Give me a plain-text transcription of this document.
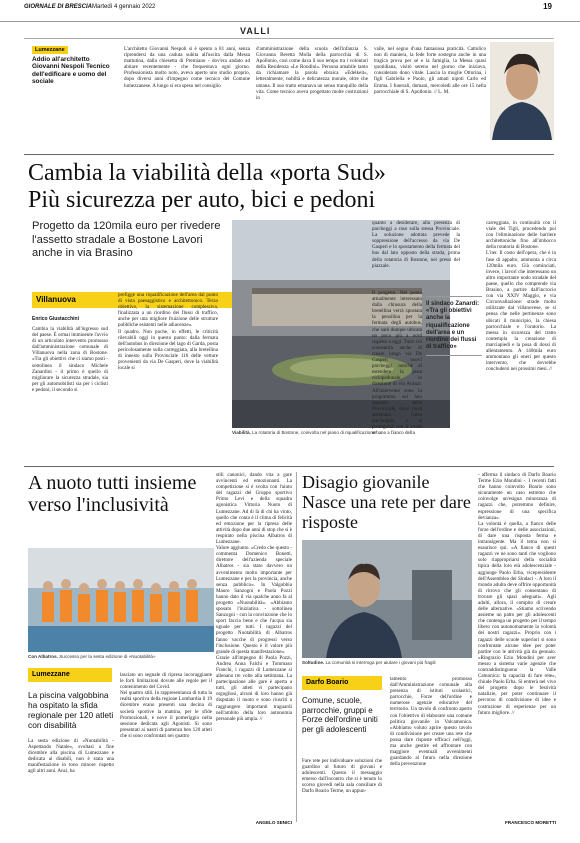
GIORNALE DI BRESCIA Martedì 4 gennaio 2022	19
VALLI
Lumezzane
Addio all'architetto Giovanni Nespoli Tecnico dell'edificare e uomo del sociale
L'architetto Giovanni Nespoli si è spento a 81 anni, senza riprendersi da una caduta subita all'uscita dalla Messa mattutina, dalla chiesetta di Premiano - dov'era andato ad abitare recentemente - che frequentava ogni giorno. Professionista molto noto, aveva aperto uno studio proprio, dopo diversi anni d'impegno come tecnico del Comune lumezzanese. A lungo si era speso nel consiglio
d'amministrazione della scuola dell'infanzia S. Giovanna Beretta Molla della parrocchia di S. Apollonio, così come dava il suo tempo tra i volontari della Residenza «Le Rondini». Persona amabile tanto da richiamare la parola ebraica «Edelkeit», letteralmente, nobiltà e delicatezza morale, oltre che umana. Il suo tratto emanava un senso tranquillo della vita. Come tecnico aveva progettato molte costruzioni in
valle, nel segno d'una fantasiosa praticità. Cattolico non di maniera, la fede forte sostegno anche in una tragica prova per sé e la famiglia, la Messa quasi quotidiana, visitò sereno nel giorno che iniziava, considerato dono vitale. Lascia la moglie Ottorina, i figli Gabriella e Paolo, gli amati nipoti Carlo ed Emma. I funerali, domani, mercoledì alle ore 15 nella parrocchiale di S. Apollonio. // L. M.
Cambia la viabilità della «porta Sud»
Più sicurezza per auto, bici e pedoni
Progetto da 120mila euro per rivedere l'assetto stradale a Bostone Lavori anche in via Brasino
Villanuova
Enrico Giustacchini
Cambia la viabilità all'ingresso sud del paese. È ormai imminente l'avvio di un articolato intervento promosso dall'amministrazione comunale di Villanuova nella zona di Bostone. «Tra gli obiettivi che ci siamo posti - sottolinea il sindaco Michele Zanardini - il primo è quello di migliorare la sicurezza stradale, sia per gli automobilisti sia per i ciclisti e pedoni; il secondo si
prefigge una riqualificazione dell'area dal punto di vista paesaggistico e architettonico. Terzo obiettivo, la sistemazione complessiva, finalizzata a un riordino dei flussi di traffico, anche per una migliore fruizione delle strutture pubbliche esistenti nelle adiacenze».
Il quadro. Non poche, in effetti, le criticità rilevabili oggi in questo punto: dalla fermata dell'autobus in direzione del lago di Garda, posta pericolosamente sulla carreggiata, alla bretellina di innesto sulla Provinciale 116 delle vetture provenienti da via De Gasperi, dove la viabilità locale si
Viabilità. La rotatoria di Bostone, coinvolta nel piano di riqualificazione
quanto a desiderare, alla presenza di parcheggi a raso sulla stessa Provinciale. La soluzione adottata prevede la soppressione dell'accesso da via De Gasperi e lo spostamento della fermata del bus dal lato opposto della strada, prima della rotatoria di Bostone, nei pressi del piazzale.
Il progetto. Nel punto attualmente interessato dalla chiusura della bretellina verrà spostata la pensilina per la fermata degli autobus, che sarà dunque ubicata un poco più a nord rispetto a oggi. Tutto ciò consentirà anche di creare lungo via De Gasperi nuovi parcheggi, nonché di estendere la pista ciclopedonale in direzione di via Avanzi. All'intervento sono in programma sul lato opposto della Provinciale, dove verrà sistemata l'area parcheggio e si proseguirà con il verde urbano a fianco della
Il sindaco Zanardi:
«Tra gli obiettivi anche la riqualificazione dell'area e un riordino dei flussi di traffico»
carreggiata, in continuità con il viale dei Tigli, procedendo poi con l'eliminazione delle barriere architettoniche fino all'imbocco della rotatoria di Bostone.
L'iter. Il costo dell'opera, che è in fase di appalto, ammonta a circa 120mila euro. Già cominciati, invece, i lavori che interessano un altro importante nodo stradale del paese, quello che comprende via Brasino, a partire dall'incrocio con via XXIV Maggio, e via Circonvallazione: strade molto utilizzate dal villanovese, se si pensa che nelle pertinenze sono ubicati il municipio, la chiesa parrocchiale e l'oratorio. La messa in sicurezza del tratto contempla la creazione di marciapiedi e la posa di dossi di allentamento. A 140mila euro ammontano gli oneri per questo intervento, che dovrebbe concludersi nei prossimi mesi. //
A nuoto tutti insieme verso l'inclusività
Con Albatros. Successo per la sesta edizione di «Nuotabilità»
Lumezzane
La piscina valgobbina ha ospitato la sfida regionale per 120 atleti con disabilità
La sesta edizione di «Nuotabilità - Aspettando Natale», svoltasi a fine dicembre alla piscina di Lumezzane e dedicata ai disabili, non è stata una manifestazione in tono minore rispetto agli altri anni. Anzi, ha
lasciato un segnale di ripresa incoraggiante le forti limitazioni dovute alle regole per il contenimento del Covid.
Nei quattro stili. In rappresentanza di tutta la realtà sportiva della regione Lombardia il 19 dicembre erano presenti una decina di società sportive la mattina, per le sfide Promozionali, e nove il pomeriggio nella sessione dedicata agli Agonisti. Si sono presentati ai nastri di partenza ben 120 atleti che si sono confrontati nei quattro
stili canonici, dando vita a gare avvincenti ed emozionanti. La competizione si è svolta con l'aiuto dei ragazzi del Gruppo sportivo Primo Levi e della squadra agonistica Vittoria Nuoto di Lumezzane. Ad di là di chi ha vinto, quello che conta è il clima di felicità ed emozione per la ripresa delle attività dopo due anni di stop che si è respirato nella piscina Albatros di Lumezzane.
Valore aggiunto. «Credo che questo - commenta Domenico Bonetti, direttore dell'azienda speciale Albatros - sia stato davvero un avvenimento molto importante per Lumezzane e per la provincia, anche senza pubblico». In Valgobbia Mauro Sanzogni e Paola Pozzi hanno dato il via qualche anno fa al progetto «Nuotabilità». «Abbiamo sposato l'iniziativa - sottolinea Sanzogni - con la convinzione che lo sport faccia bene e che l'acqua sia uguale per tutti. I ragazzi del progetto Nuotabilità di Albatros fanno vacche di progressi verso l'inclusione. Questo è il valore più grande di questa manifestazione».
Grazie all'impegno di Paola Pozzi, Andrea Anna Falchi e Tommaso Franchi, i ragazzi di Lumezzane si allenano tre volte alla settimana. La partecipazione alle gare è aperta a tutti, gli atleti vi partecipano orgogliosi, alcuni di loro hanno già disputato il nuoto e sono riusciti a raggiungere importanti traguardi nell'ambito della loro autonomia personale più ampia. //
ANGELO SENICI
Disagio giovanile Nasce una rete per dare risposte
Soltudine. La comunità si interroga per aiutare i giovani più fragili
Darfo Boario
Comune, scuole, parrocchie, gruppi e Forze dell'ordine uniti per gli adolescenti
Fare rete per individuare soluzioni che guardino al futuro di giovani e adolescenti. Questo il messaggio emerso dall'incontro che si è tenuto lo scorso giovedì nella sala consiliare di Darfo Boario Terme, un appun-
tamento promosso dall'Amministrazione comunale alla presenza di istituti scolastici, parrocchie, Forze dell'ordine e numerose agenzie educative del territorio. Un tavolo di confronto aperto con l'obiettivo di elaborare una comune politica giovanile in Valcamonica. «Abbiamo voluto aprire questo tavolo di condivisione per creare una rete che possa dare risposte efficaci nell'oggi, ma anche gestire ed affrontare con maggiore eventuali avvenimenti guardando al futuro nella direzione della prevenzione
- afferma il sindaco di Darfo Boario Terme Ezio Mondini -. I recenti fatti che hanno coinvolto Boario sono sicuramente un caso estremo che coinvolge un'esigua minoranza di ragazzi che, potremmo definire, espressione di una specifica devianza».
La volontà è quella, a fianco delle forze dell'ordine e delle associazioni, di dare una risposta ferma e intransigente. Ma il tema non si esaurisce qui. «A fianco di questi ragazzi ve ne sono tanti che vogliono solo riappropriarsi della socialità tipica della loro età adolescenziale - aggiunge Paolo Erba, vicepresidente dell'Assemblea dei Sindaci -. A loro il mondo adulto deve offrire opportunità di ritrovo che gli consentano di trovare gli spazi adeguati». Agli adulti, allora, il compito di creare delle alternative. «Stiamo scrivendo assieme un patto per gli adolescenti che contenga un progetto per il tempo libero con autonomamente la volontà dei nostri ragazzi». Proprio con i ragazzi delle scuole superiori si sono confrontate alcune idee per poter partire con le attività già da gennaio. «Ringrazio Ezio Mondini per aver messo a sistema varie agenzie che contraddistinguono la Valle Camonica: la capacità di fare rete», chiude Paolo Erba. Si entrerà nel vivo del progetto dopo le festività natalizie, per poter continuare il percorso di condivisione di idee e costruzione di esperienze per un futuro migliore. //
FRANCESCO MORETTI
